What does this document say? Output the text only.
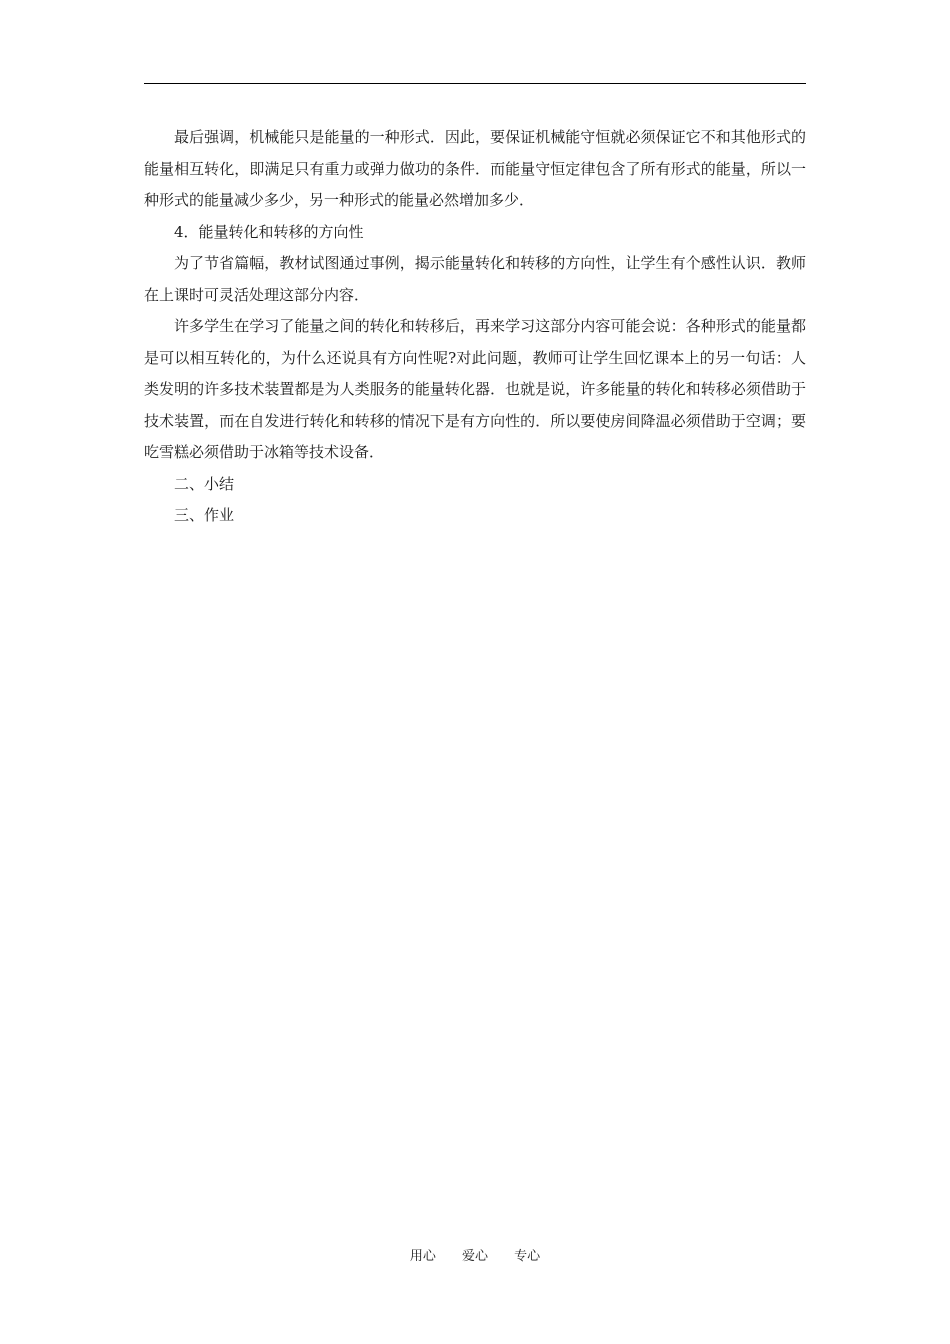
最后强调，机械能只是能量的一种形式．因此，要保证机械能守恒就必须保证它不和其他形式的能量相互转化，即满足只有重力或弹力做功的条件．而能量守恒定律包含了所有形式的能量，所以一种形式的能量减少多少，另一种形式的能量必然增加多少．

4．能量转化和转移的方向性

为了节省篇幅，教材试图通过事例，揭示能量转化和转移的方向性，让学生有个感性认识．教师在上课时可灵活处理这部分内容．

许多学生在学习了能量之间的转化和转移后，再来学习这部分内容可能会说：各种形式的能量都是可以相互转化的，为什么还说具有方向性呢?对此问题，教师可让学生回忆课本上的另一句话：人类发明的许多技术装置都是为人类服务的能量转化器．也就是说，许多能量的转化和转移必须借助于技术装置，而在自发进行转化和转移的情况下是有方向性的．所以要使房间降温必须借助于空调；要吃雪糕必须借助于冰箱等技术设备．

二、小结

三、作业

用心 爱心 专心
